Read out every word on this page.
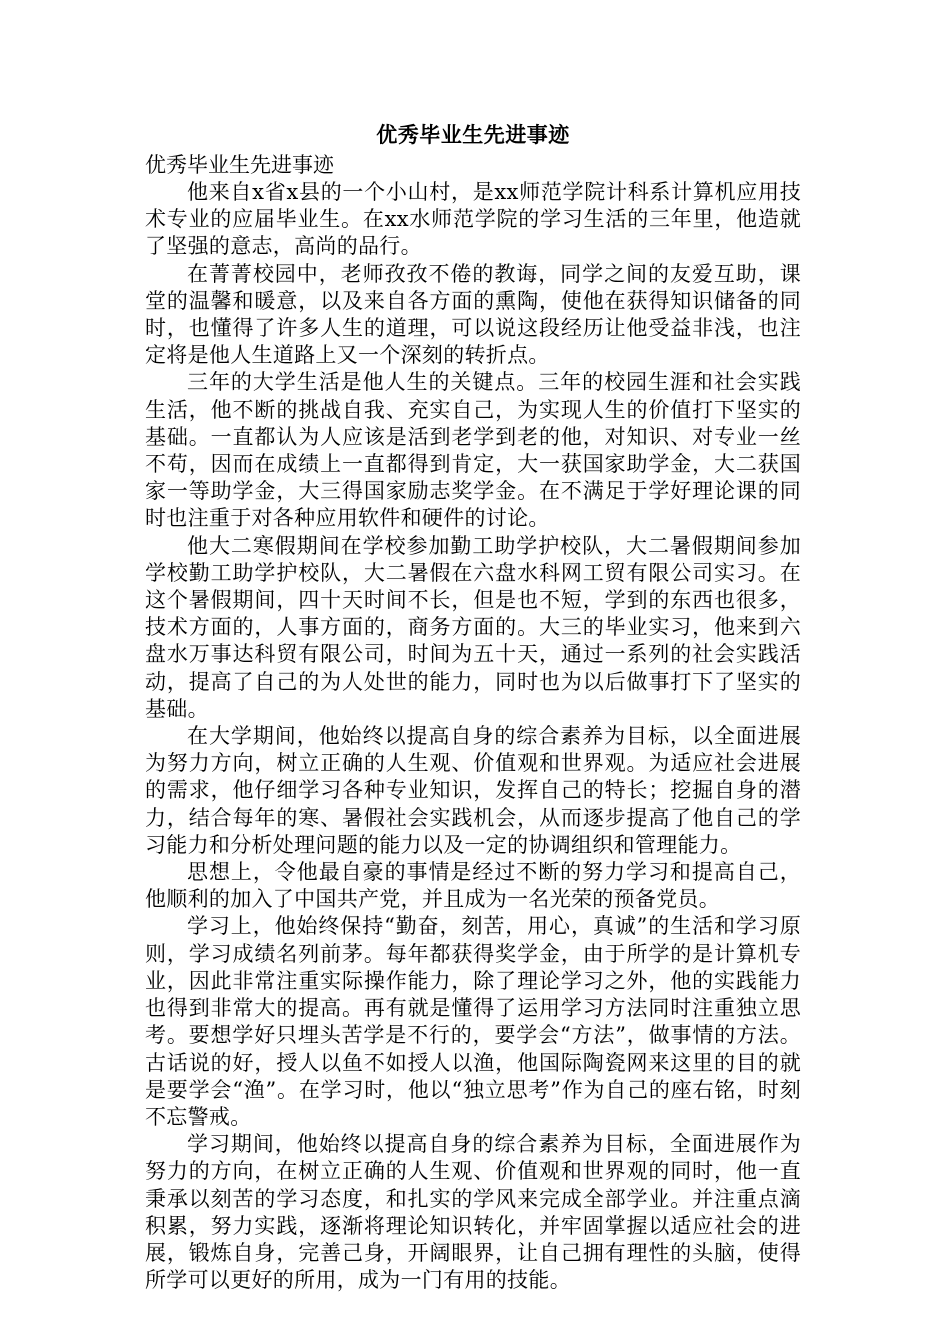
优秀毕业生先进事迹

优秀毕业生先进事迹

他来自x省x县的一个小山村，是xx师范学院计科系计算机应用技术专业的应届毕业生。在xx水师范学院的学习生活的三年里，他造就了坚强的意志，高尚的品行。

在菁菁校园中，老师孜孜不倦的教诲，同学之间的友爱互助，课堂的温馨和暖意，以及来自各方面的熏陶，使他在获得知识储备的同时，也懂得了许多人生的道理，可以说这段经历让他受益非浅，也注定将是他人生道路上又一个深刻的转折点。

三年的大学生活是他人生的关键点。三年的校园生涯和社会实践生活，他不断的挑战自我、充实自己，为实现人生的价值打下坚实的基础。一直都认为人应该是活到老学到老的他，对知识、对专业一丝不苟，因而在成绩上一直都得到肯定，大一获国家助学金，大二获国家一等助学金，大三得国家励志奖学金。在不满足于学好理论课的同时也注重于对各种应用软件和硬件的讨论。

他大二寒假期间在学校参加勤工助学护校队，大二暑假期间参加学校勤工助学护校队，大二暑假在六盘水科网工贸有限公司实习。在这个暑假期间，四十天时间不长，但是也不短，学到的东西也很多，技术方面的，人事方面的，商务方面的。大三的毕业实习，他来到六盘水万事达科贸有限公司，时间为五十天，通过一系列的社会实践活动，提高了自己的为人处世的能力，同时也为以后做事打下了坚实的基础。

在大学期间，他始终以提高自身的综合素养为目标，以全面进展为努力方向，树立正确的人生观、价值观和世界观。为适应社会进展的需求，他仔细学习各种专业知识，发挥自己的特长；挖掘自身的潜力，结合每年的寒、暑假社会实践机会，从而逐步提高了他自己的学习能力和分析处理问题的能力以及一定的协调组织和管理能力。

思想上，令他最自豪的事情是经过不断的努力学习和提高自己，他顺利的加入了中国共产党，并且成为一名光荣的预备党员。

学习上，他始终保持“勤奋，刻苦，用心，真诚”的生活和学习原则，学习成绩名列前茅。每年都获得奖学金，由于所学的是计算机专业，因此非常注重实际操作能力，除了理论学习之外，他的实践能力也得到非常大的提高。再有就是懂得了运用学习方法同时注重独立思考。要想学好只埋头苦学是不行的，要学会“方法”，做事情的方法。古话说的好，授人以鱼不如授人以渔，他国际陶瓷网来这里的目的就是要学会“渔”。在学习时，他以“独立思考”作为自己的座右铭，时刻不忘警戒。

学习期间，他始终以提高自身的综合素养为目标，全面进展作为努力的方向，在树立正确的人生观、价值观和世界观的同时，他一直秉承以刻苦的学习态度，和扎实的学风来完成全部学业。并注重点滴积累，努力实践，逐渐将理论知识转化，并牢固掌握以适应社会的进展，锻炼自身，完善己身，开阔眼界，让自己拥有理性的头脑，使得所学可以更好的所用，成为一门有用的技能。
